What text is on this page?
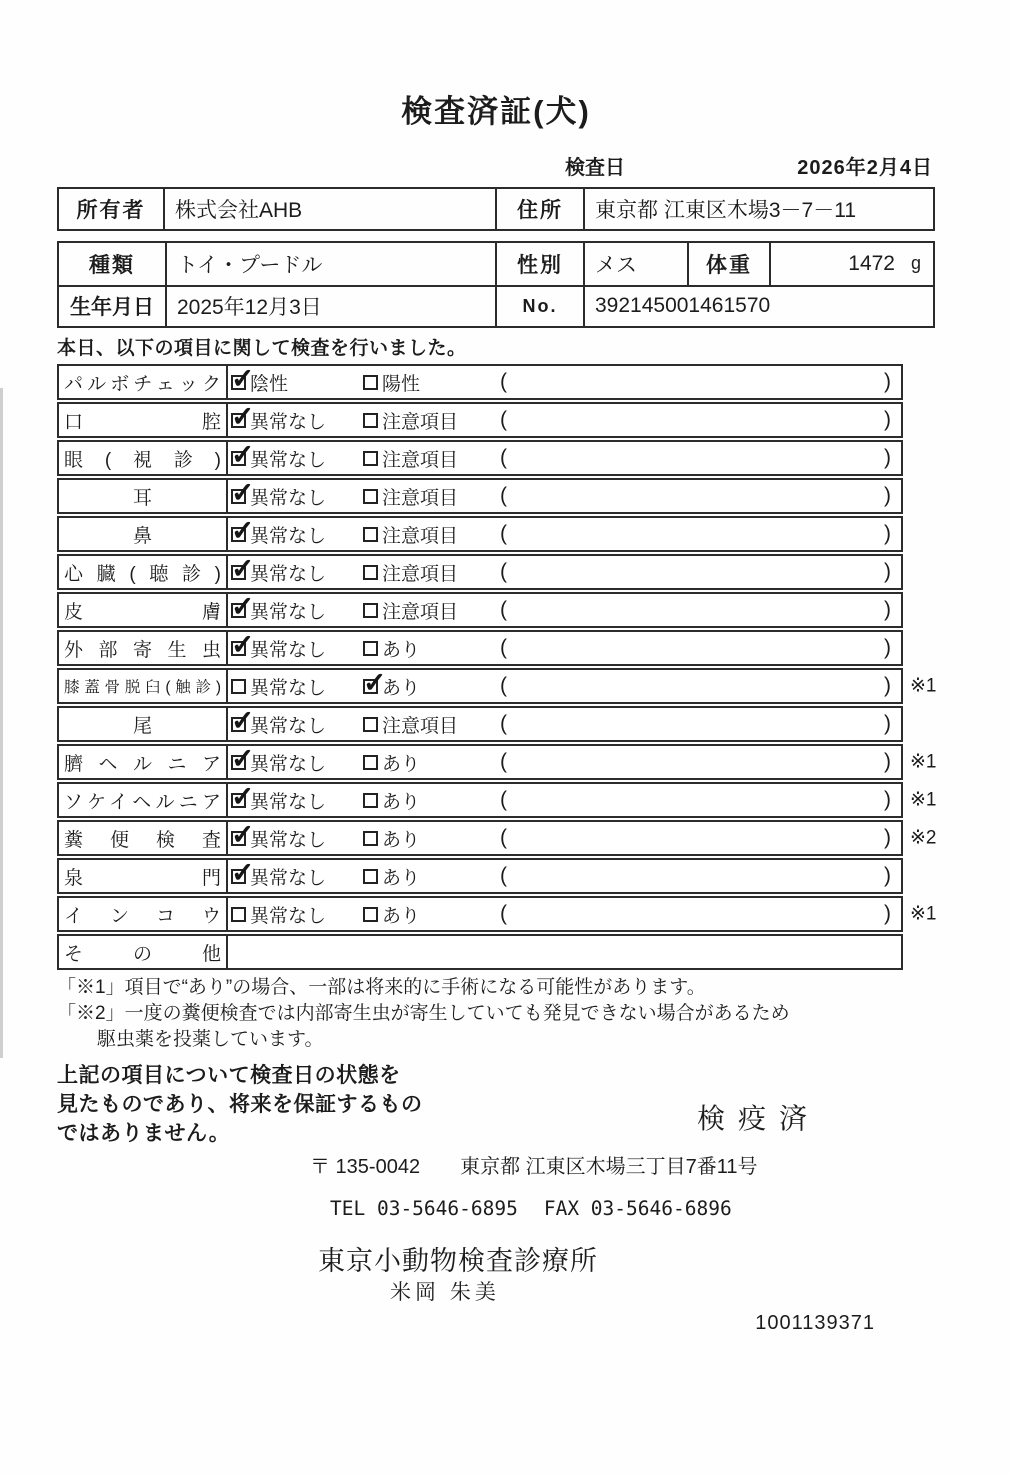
検査済証(犬)
検査日	2026年2月4日
所有者	株式会社AHB	住所	東京都 江東区木場3－7－11
種類	トイ・プードル	性別	メス	体重	1472 g
生年月日	2025年12月3日	No.	392145001461570
本日、以下の項目に関して検査を行いました。
パルボチェック ✓ 陰性	陽性	(	)
口腔 ✓ 異常なし	注意項目 (	)
眼(視診) ✓ 異常なし	注意項目 (	)
耳 ✓	異常なし	注意項目 (	)
鼻 ✓	異常なし	注意項目 (	)
心臓(聴診) ✓ 異常なし	注意項目 (	)
皮膚 ✓ 異常なし	注意項目 (	)
外部寄生虫 ✓ 異常なし	あり	(	)
膝蓋骨脱臼(触診) 異常なし ✓	あり	(	) ※1
尾 ✓	異常なし	注意項目 (	)
臍ヘルニア ✓ 異常なし	あり	(	) ※1
ソケイヘルニア ✓ 異常なし	あり	(	) ※1
糞便検査 ✓ 異常なし	あり	(	) ※2
泉門 ✓ 異常なし	あり	(	)
インコウ 異常なし	あり	(	) ※1
その他
「※1」項目で“あり”の場合、一部は将来的に手術になる可能性があります。
「※2」一度の糞便検査では内部寄生虫が寄生していても発見できない場合があるため
駆虫薬を投薬しています。
上記の項目について検査日の状態を
見たものであり、将来を保証するもの
ではありません。	検疫済
〒 135-0042 東京都 江東区木場三丁目7番11号
TEL 03-5646-6895 FAX 03-5646-6896
東京小動物検査診療所
米岡 朱美
1001139371
